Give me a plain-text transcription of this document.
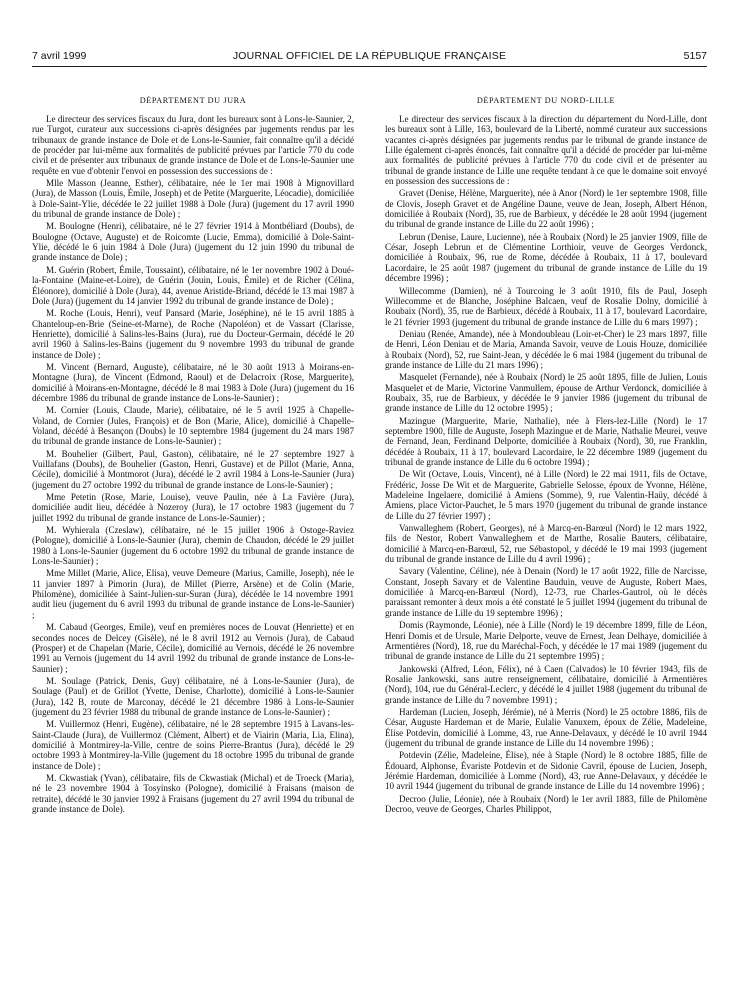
7 avril 1999	JOURNAL OFFICIEL DE LA RÉPUBLIQUE FRANÇAISE	5157
DÉPARTEMENT DU JURA

Le directeur des services fiscaux du Jura, dont les bureaux sont à Lons-le-Saunier, 2, rue Turgot, curateur aux successions ci-après désignées par jugements rendus par les tribunaux de grande instance de Dole et de Lons-le-Saunier, fait connaître qu'il a décidé de procéder par lui-même aux formalités de publicité prévues par l'article 770 du code civil et de présenter aux tribunaux de grande instance de Dole et de Lons-le-Saunier une requête en vue d'obtenir l'envoi en possession des successions de :

Mlle Masson (Jeanne, Esther), célibataire, née le 1er mai 1908 à Mignovillard (Jura), de Masson (Louis, Émile, Joseph) et de Petite (Marguerite, Léocadie), domiciliée à Dole-Saint-Ylie, décédée le 22 juillet 1988 à Dole (Jura) (jugement du 17 avril 1990 du tribunal de grande instance de Dole) ;

M. Boulogne (Henri), célibataire, né le 27 février 1914 à Montbéliard (Doubs), de Boulogne (Octave, Auguste) et de Roicomte (Lucie, Emma), domicilié à Dole-Saint-Ylie, décédé le 6 juin 1984 à Dole (Jura) (jugement du 12 juin 1990 du tribunal de grande instance de Dole) ;

M. Guérin (Robert, Émile, Toussaint), célibataire, né le 1er novembre 1902 à Doué-la-Fontaine (Maine-et-Loire), de Guérin (Jouin, Louis, Émile) et de Richer (Célina, Éléonore), domicilié à Dole (Jura), 44, avenue Aristide-Briand, décédé le 13 mai 1987 à Dole (Jura) (jugement du 14 janvier 1992 du tribunal de grande instance de Dole) ;

M. Roche (Louis, Henri), veuf Pansard (Marie, Joséphine), né le 15 avril 1885 à Chanteloup-en-Brie (Seine-et-Marne), de Roche (Napoléon) et de Vassart (Clarisse, Henriette), domicilié à Salins-les-Bains (Jura), rue du Docteur-Germain, décédé le 20 avril 1960 à Salins-les-Bains (jugement du 9 novembre 1993 du tribunal de grande instance de Dole) ;

M. Vincent (Bernard, Auguste), célibataire, né le 30 août 1913 à Moirans-en-Montagne (Jura), de Vincent (Edmond, Raoul) et de Delacroix (Rose, Marguerite), domicilié à Moirans-en-Montagne, décédé le 8 mai 1983 à Dole (Jura) (jugement du 16 décembre 1986 du tribunal de grande instance de Lons-le-Saunier) ;

M. Cornier (Louis, Claude, Marie), célibataire, né le 5 avril 1925 à Chapelle-Voland, de Cornier (Jules, François) et de Bon (Marie, Alice), domicilié à Chapelle-Voland, décédé à Besançon (Doubs) le 10 septembre 1984 (jugement du 24 mars 1987 du tribunal de grande instance de Lons-le-Saunier) ;

M. Bouhelier (Gilbert, Paul, Gaston), célibataire, né le 27 septembre 1927 à Vuillafans (Doubs), de Bouhelier (Gaston, Henri, Gustave) et de Pillot (Marie, Anna, Cécile), domicilié à Montmorot (Jura), décédé le 2 avril 1984 à Lons-le-Saunier (Jura) (jugement du 27 octobre 1992 du tribunal de grande instance de Lons-le-Saunier) ;

Mme Petetin (Rose, Marie, Louise), veuve Paulin, née à La Favière (Jura), domiciliée audit lieu, décédée à Nozeroy (Jura), le 17 octobre 1983 (jugement du 7 juillet 1992 du tribunal de grande instance de Lons-le-Saunier) ;

M. Wyhierala (Czeslaw), célibataire, né le 15 juillet 1906 à Ostoge-Raviez (Pologne), domicilié à Lons-le-Saunier (Jura), chemin de Chaudon, décédé le 29 juillet 1980 à Lons-le-Saunier (jugement du 6 octobre 1992 du tribunal de grande instance de Lons-le-Saunier) ;

Mme Millet (Marie, Alice, Elisa), veuve Demeure (Marius, Camille, Joseph), née le 11 janvier 1897 à Pimorin (Jura), de Millet (Pierre, Arsène) et de Colin (Marie, Philomène), domiciliée à Saint-Julien-sur-Suran (Jura), décédée le 14 novembre 1991 audit lieu (jugement du 6 avril 1993 du tribunal de grande instance de Lons-le-Saunier) ;

M. Cabaud (Georges, Emile), veuf en premières noces de Louvat (Henriette) et en secondes noces de Delcey (Gisèle), né le 8 avril 1912 au Vernois (Jura), de Cabaud (Prosper) et de Chapelan (Marie, Cécile), domicilié au Vernois, décédé le 26 novembre 1991 au Vernois (jugement du 14 avril 1992 du tribunal de grande instance de Lons-le-Saunier) ;

M. Soulage (Patrick, Denis, Guy) célibataire, né à Lons-le-Saunier (Jura), de Soulage (Paul) et de Grillot (Yvette, Denise, Charlotte), domicilié à Lons-le-Saunier (Jura), 142 B, route de Marconay, décédé le 21 décembre 1986 à Lons-le-Saunier (jugement du 23 février 1988 du tribunal de grande instance de Lons-le-Saunier) ;

M. Vuillermoz (Henri, Eugène), célibataire, né le 28 septembre 1915 à Lavans-les-Saint-Claude (Jura), de Vuillermoz (Clément, Albert) et de Viairin (Maria, Lia, Elina), domicilié à Montmirey-la-Ville, centre de soins Pierre-Brantus (Jura), décédé le 29 octobre 1993 à Montmirey-la-Ville (jugement du 18 octobre 1995 du tribunal de grande instance de Dole) ;

M. Ckwastiak (Yvan), célibataire, fils de Ckwastiak (Michal) et de Troeck (Maria), né le 23 novembre 1904 à Tosyinsko (Pologne), domicilié à Fraisans (maison de retraite), décédé le 30 janvier 1992 à Fraisans (jugement du 27 avril 1994 du tribunal de grande instance de Dole).

DÉPARTEMENT DU NORD-LILLE

Le directeur des services fiscaux à la direction du département du Nord-Lille, dont les bureaux sont à Lille, 163, boulevard de la Liberté, nommé curateur aux successions vacantes ci-après désignées par jugements rendus par le tribunal de grande instance de Lille également ci-après énoncés, fait connaître qu'il a décidé de procéder par lui-même aux formalités de publicité prévues à l'article 770 du code civil et de présenter au tribunal de grande instance de Lille une requête tendant à ce que le domaine soit envoyé en possession des successions de :

Gravet (Denise, Hélène, Marguerite), née à Anor (Nord) le 1er septembre 1908, fille de Clovis, Joseph Gravet et de Angéline Daune, veuve de Jean, Joseph, Albert Hénon, domiciliée à Roubaix (Nord), 35, rue de Barbieux, y décédée le 28 août 1994 (jugement du tribunal de grande instance de Lille du 22 août 1996) ;

Lebrun (Denise, Laure, Lucienne), née à Roubaix (Nord) le 25 janvier 1909, fille de César, Joseph Lebrun et de Clémentine Lorthioir, veuve de Georges Verdonck, domiciliée à Roubaix, 96, rue de Rome, décédée à Roubaix, 11 à 17, boulevard Lacordaire, le 25 août 1987 (jugement du tribunal de grande instance de Lille du 19 décembre 1996) ;

Willecomme (Damien), né à Tourcoing le 3 août 1910, fils de Paul, Joseph Willecomme et de Blanche, Joséphine Balcaen, veuf de Rosalie Dolny, domicilié à Roubaix (Nord), 35, rue de Barbieux, décédé à Roubaix, 11 à 17, boulevard Lacordaire, le 21 février 1993 (jugement du tribunal de grande instance de Lille du 6 mars 1997) ;

Deniau (Renée, Amande), née à Mondoubleau (Loir-et-Cher) le 23 mars 1897, fille de Henri, Léon Deniau et de Maria, Amanda Savoir, veuve de Louis Houze, domiciliée à Roubaix (Nord), 52, rue Saint-Jean, y décédée le 6 mai 1984 (jugement du tribunal de grande instance de Lille du 21 mars 1996) ;

Masquelet (Fernande), née à Roubaix (Nord) le 25 août 1895, fille de Julien, Louis Masquelet et de Marie, Victorine Vanmullem, épouse de Arthur Verdonck, domiciliée à Roubaix, 35, rue de Barbieux, y décédée le 9 janvier 1986 (jugement du tribunal de grande instance de Lille du 12 octobre 1995) ;

Mazingue (Marguerite, Marie, Nathalie), née à Flers-lez-Lille (Nord) le 17 septembre 1900, fille de Auguste, Joseph Mazingue et de Marie, Nathalie Meurei, veuve de Fernand, Jean, Ferdinand Delporte, domiciliée à Roubaix (Nord), 30, rue Franklin, décédée à Roubaix, 11 à 17, boulevard Lacordaire, le 22 décembre 1989 (jugement du tribunal de grande instance de Lille du 6 octobre 1994) ;

De Wit (Octave, Louis, Vincent), né à Lille (Nord) le 22 mai 1911, fils de Octave, Frédéric, Josse De Wit et de Marguerite, Gabrielle Selosse, époux de Yvonne, Hélène, Madeleine Ingelaere, domicilié à Amiens (Somme), 9, rue Valentin-Haüy, décédé à Amiens, place Victor-Pauchet, le 5 mars 1970 (jugement du tribunal de grande instance de Lille du 27 février 1997) ;

Vanwalleghem (Robert, Georges), né à Marcq-en-Barœul (Nord) le 12 mars 1922, fils de Nestor, Robert Vanwalleghem et de Marthe, Rosalie Bauters, célibataire, domicilié à Marcq-en-Barœul, 52, rue Sébastopol, y décédé le 19 mai 1993 (jugement du tribunal de grande instance de Lille du 4 avril 1996) ;

Savary (Valentine, Céline), née à Denain (Nord) le 17 août 1922, fille de Narcisse, Constant, Joseph Savary et de Valentine Bauduin, veuve de Auguste, Robert Maes, domiciliée à Marcq-en-Barœul (Nord), 12-73, rue Charles-Gautrol, où le décès paraissant remonter à deux mois a été constaté le 5 juillet 1994 (jugement du tribunal de grande instance de Lille du 19 septembre 1996) ;

Domis (Raymonde, Léonie), née à Lille (Nord) le 19 décembre 1899, fille de Léon, Henri Domis et de Ursule, Marie Delporte, veuve de Ernest, Jean Delhaye, domiciliée à Armentières (Nord), 18, rue du Maréchal-Foch, y décédée le 17 mai 1989 (jugement du tribunal de grande instance de Lille du 21 septembre 1995) ;

Jankowski (Alfred, Léon, Félix), né à Caen (Calvados) le 10 février 1943, fils de Rosalie Jankowski, sans autre renseignement, célibataire, domicilié à Armentières (Nord), 104, rue du Général-Leclerc, y décédé le 4 juillet 1988 (jugement du tribunal de grande instance de Lille du 7 novembre 1991) ;

Hardeman (Lucien, Joseph, Jérémie), né à Merris (Nord) le 25 octobre 1886, fils de César, Auguste Hardeman et de Marie, Eulalie Vanuxem, époux de Zélie, Madeleine, Élise Potdevin, domicilié à Lomme, 43, rue Anne-Delavaux, y décédé le 10 avril 1944 (jugement du tribunal de grande instance de Lille du 14 novembre 1996) ;

Potdevin (Zélie, Madeleine, Élise), née à Staple (Nord) le 8 octobre 1885, fille de Édouard, Alphonse, Évariste Potdevin et de Sidonie Cavril, épouse de Lucien, Joseph, Jérémie Hardeman, domiciliée à Lomme (Nord), 43, rue Anne-Delavaux, y décédée le 10 avril 1944 (jugement du tribunal de grande instance de Lille du 14 novembre 1996) ;

Decroo (Julie, Léonie), née à Roubaix (Nord) le 1er avril 1883, fille de Philomène Decroo, veuve de Georges, Charles Philippot,
